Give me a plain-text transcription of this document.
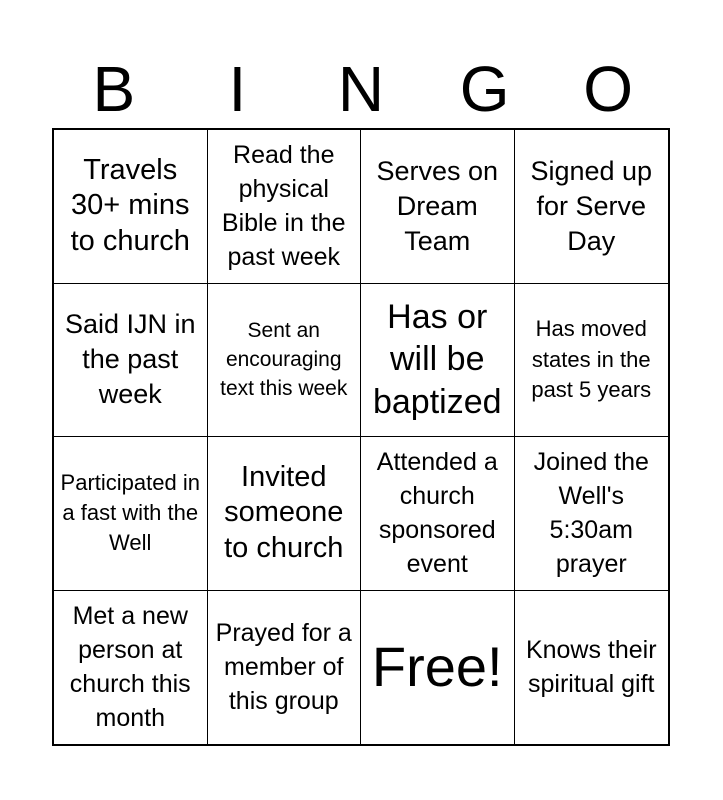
B	I	N	G	O
Travels 30+ mins to church
Read the physical Bible in the past week
Serves on Dream Team
Signed up for Serve Day
Said IJN in the past week
Sent an encouraging text this week
Has or will be baptized
Has moved states in the past 5 years
Participated in a fast with the Well
Invited someone to church
Attended a church sponsored event
Joined the Well's 5:30am prayer
Met a new person at church this month
Prayed for a member of this group
Free! Knows their spiritual gift
